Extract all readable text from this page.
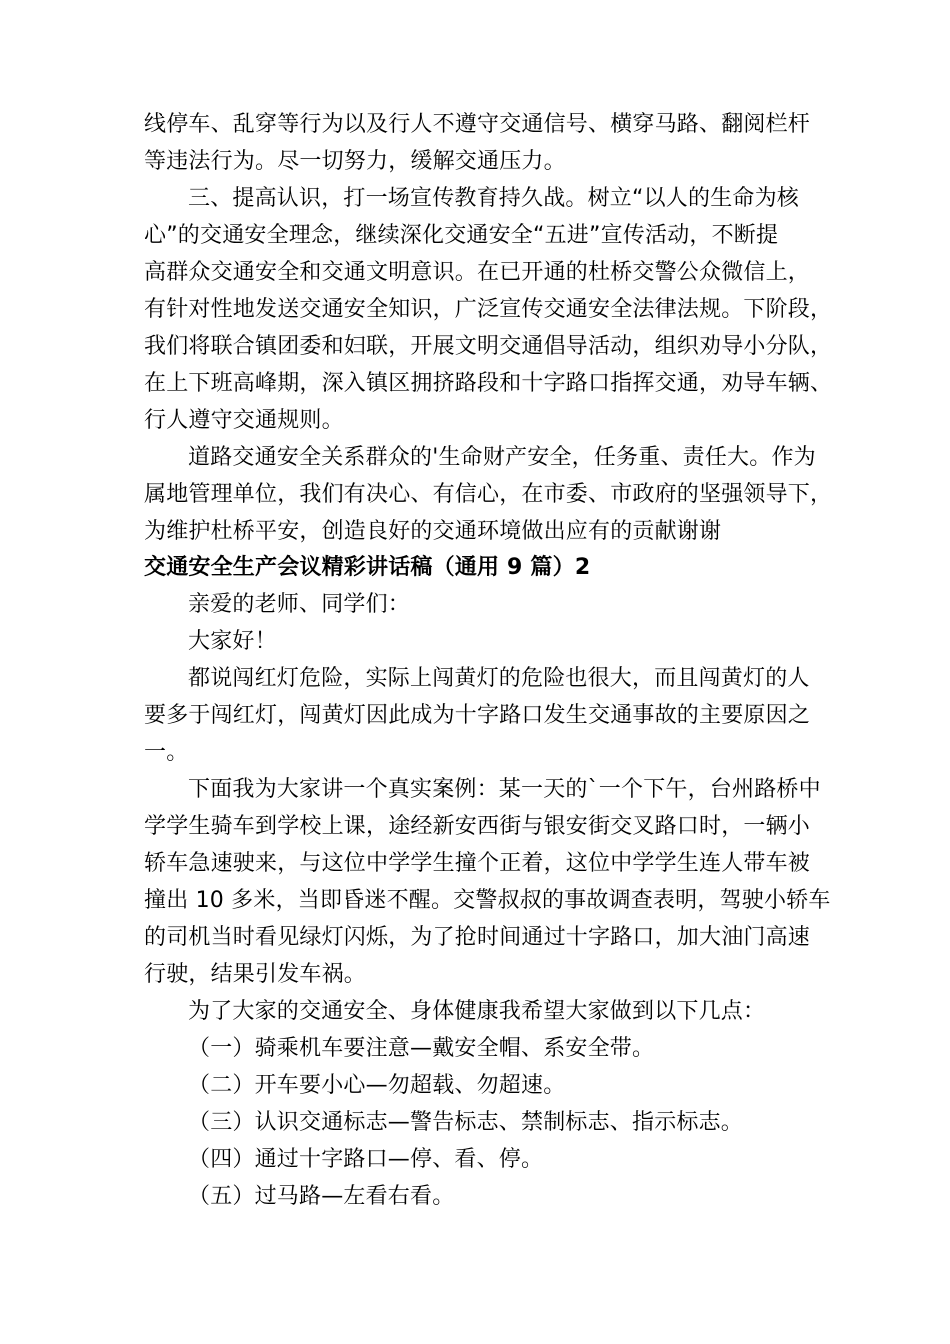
线停车、乱穿等行为以及行人不遵守交通信号、横穿马路、翻阅栏杆
等违法行为。尽一切努力，缓解交通压力。
三、提高认识，打一场宣传教育持久战。树立“以人的生命为核
心”的交通安全理念，继续深化交通安全“五进”宣传活动，不断提
高群众交通安全和交通文明意识。在已开通的杜桥交警公众微信上，
有针对性地发送交通安全知识，广泛宣传交通安全法律法规。下阶段，
我们将联合镇团委和妇联，开展文明交通倡导活动，组织劝导小分队，
在上下班高峰期，深入镇区拥挤路段和十字路口指挥交通，劝导车辆、
行人遵守交通规则。
道路交通安全关系群众的'生命财产安全，任务重、责任大。作为
属地管理单位，我们有决心、有信心，在市委、市政府的坚强领导下，
为维护杜桥平安，创造良好的交通环境做出应有的贡献谢谢
交通安全生产会议精彩讲话稿（通用 9 篇）2
亲爱的老师、同学们：
大家好！
都说闯红灯危险，实际上闯黄灯的危险也很大，而且闯黄灯的人
要多于闯红灯，闯黄灯因此成为十字路口发生交通事故的主要原因之
一。
下面我为大家讲一个真实案例：某一天的`一个下午，台州路桥中
学学生骑车到学校上课，途经新安西街与银安街交叉路口时，一辆小
轿车急速驶来，与这位中学学生撞个正着，这位中学学生连人带车被
撞出 10 多米，当即昏迷不醒。交警叔叔的事故调查表明，驾驶小轿车
的司机当时看见绿灯闪烁，为了抢时间通过十字路口，加大油门高速
行驶，结果引发车祸。
为了大家的交通安全、身体健康我希望大家做到以下几点：
（一）骑乘机车要注意—戴安全帽、系安全带。
（二）开车要小心—勿超载、勿超速。
（三）认识交通标志—警告标志、禁制标志、指示标志。
（四）通过十字路口—停、看、停。
（五）过马路—左看右看。
